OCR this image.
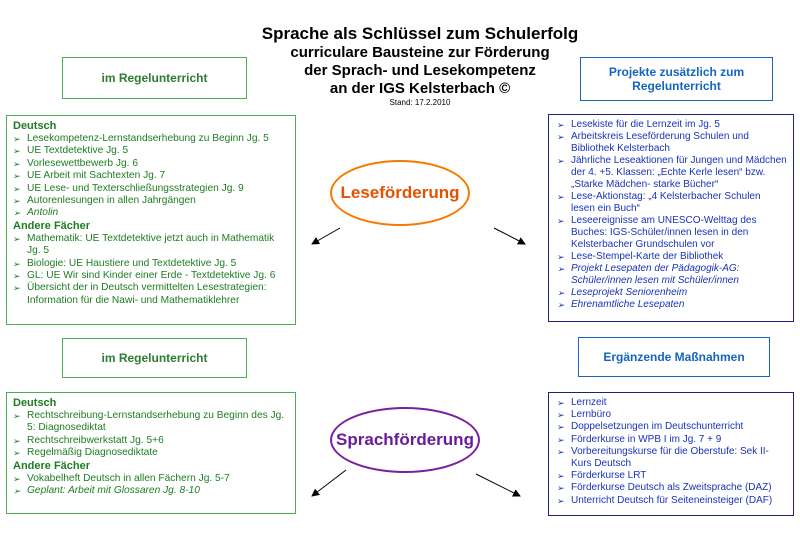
Sprache als Schlüssel zum Schulerfolg
curriculare Bausteine zur Förderung
der Sprach- und Lesekompetenz
an der IGS Kelsterbach ©
Stand: 17.2.2010
im Regelunterricht	Projekte zusätzlich zum Regelunterricht
im Regelunterricht	Ergänzende Maßnahmen
Deutsch
➢ Lesekompetenz-Lernstandserhebung zu Beginn Jg. 5
➢ UE Textdetektive Jg. 5
➢ Vorlesewettbewerb Jg. 6
➢ UE Arbeit mit Sachtexten Jg. 7
➢ UE Lese- und Texterschließungsstrategien Jg. 9
➢ Autorenlesungen in allen Jahrgängen
➢ Antolin
Andere Fächer
➢ Mathematik: UE Textdetektive jetzt auch in Mathematik Jg. 5
➢ Biologie: UE Haustiere und Textdetektive Jg. 5
➢ GL: UE Wir sind Kinder einer Erde - Textdetektive Jg. 6
➢ Übersicht der in Deutsch vermittelten Lesestrategien: Information für die Nawi- und Mathematiklehrer
➢ Lesekiste für die Lernzeit im Jg. 5
➢ Arbeitskreis Leseförderung Schulen und Bibliothek Kelsterbach
➢ Jährliche Leseaktionen für Jungen und Mädchen der 4. +5. Klassen: „Echte Kerle lesen“ bzw. „Starke Mädchen- starke Bücher“
➢ Lese-Aktionstag: „4 Kelsterbacher Schulen lesen ein Buch“
➢ Leseereignisse am UNESCO-Welttag des Buches: IGS-Schüler/innen lesen in den Kelsterbacher Grundschulen vor
➢ Lese-Stempel-Karte der Bibliothek
➢ Projekt Lesepaten der Pädagogik-AG: Schüler/innen lesen mit Schüler/innen
➢ Leseprojekt Seniorenheim
➢ Ehrenamtliche Lesepaten
Leseförderung
Sprachförderung
Deutsch
➢ Rechtschreibung-Lernstandserhebung zu Beginn des Jg. 5: Diagnosediktat
➢ Rechtschreibwerkstatt Jg. 5+6
➢ Regelmäßig Diagnosediktate
Andere Fächer
➢ Vokabelheft Deutsch in allen Fächern Jg. 5-7
➢ Geplant: Arbeit mit Glossaren Jg. 8-10
➢ Lernzeit
➢ Lernbüro
➢ Doppelsetzungen im Deutschunterricht
➢ Förderkurse in WPB I im Jg. 7 + 9
➢ Vorbereitungskurse für die Oberstufe: Sek II-Kurs Deutsch
➢ Förderkurse LRT
➢ Förderkurse Deutsch als Zweitsprache (DAZ)
➢ Unterricht Deutsch für Seiteneinsteiger (DAF)
